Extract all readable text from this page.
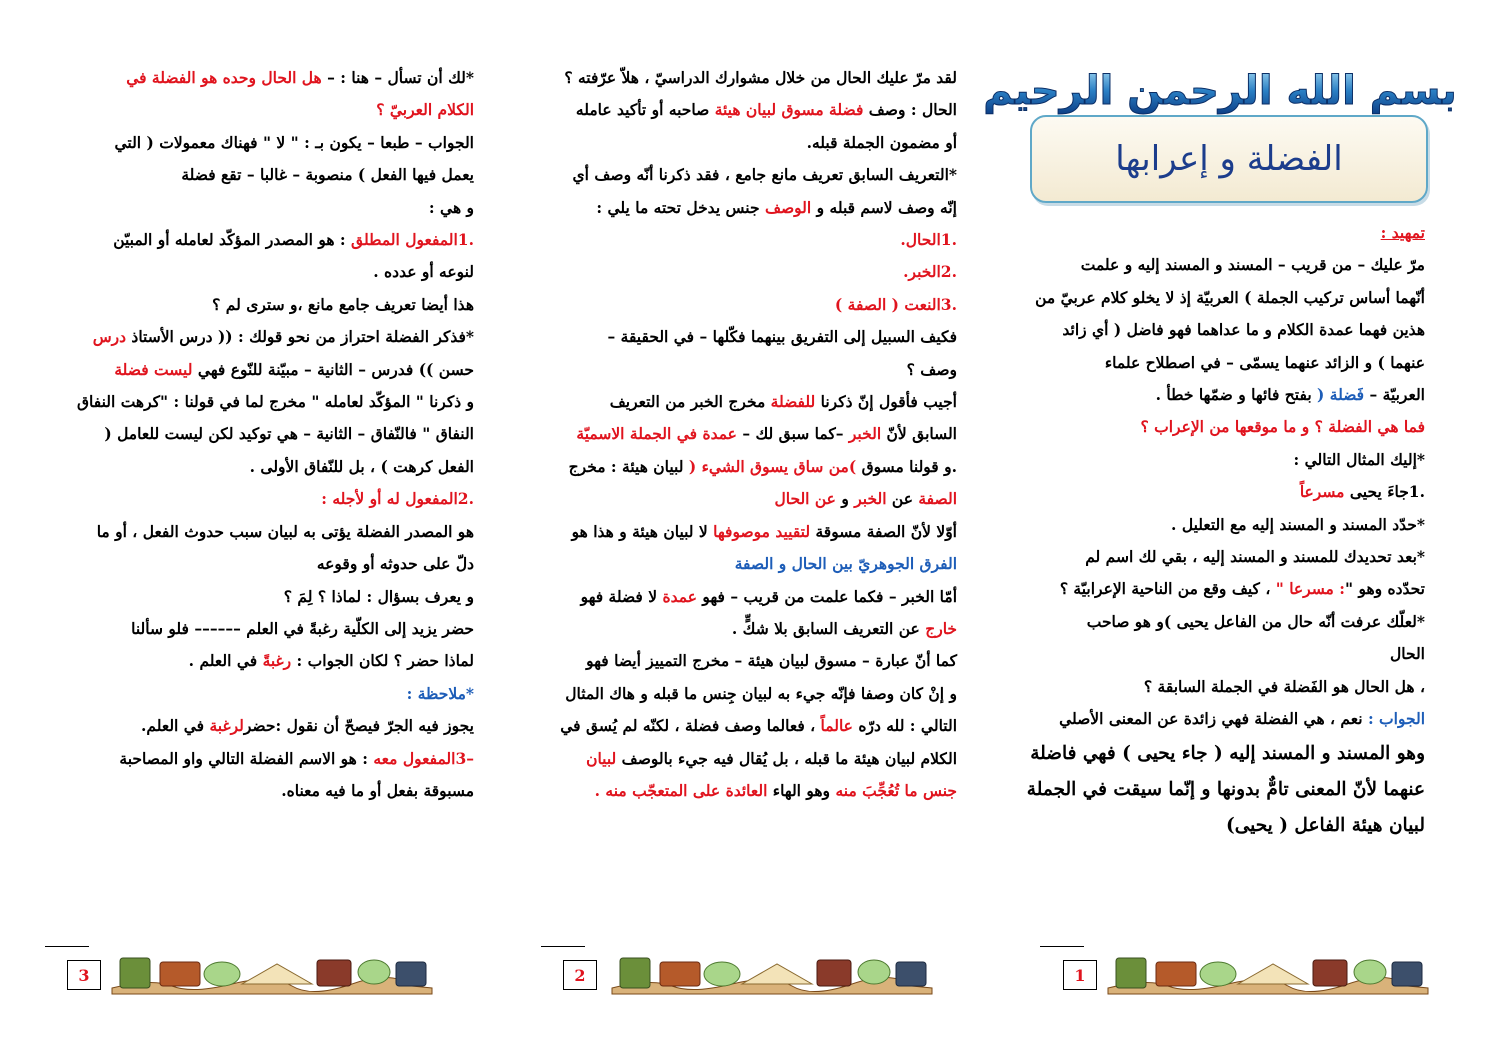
بسم الله الرحمن الرحيم
الفضلة و إعرابها

تمهيد :

مرّ عليك – من قريب – المسند و المسند إليه و علمت

أنّهما أساس تركيب الجملة ) العربيّة إذ لا يخلو كلام عربيّ من

هذين فهما عمدة الكلام و ما عداهما فهو فاضل ( أي زائد

عنهما ) و الزائد عنهما يسمّى – في اصطلاح علماء

العربيّة – فَضلة ( بفتح فائها و ضمّها خطأ .

فما هي الفضلة ؟ و ما موقعها من الإعراب ؟

*إليك المثال التالي :

.1جاءَ يحيى مسرعاً

*حدّد المسند و المسند إليه مع التعليل .

*بعد تحديدك للمسند و المسند إليه ، بقي لك اسم لم

تحدّده وهو ": مسرعا " ، كيف وقع من الناحية الإعرابيّة ؟

*لعلّك عرفت أنّه حال من الفاعل يحيى )و هو صاحب

الحال

، هل الحال هو الفَضلة في الجملة السابقة ؟

الجواب : نعم ، هي الفضلة فهي زائدة عن المعنى الأصلي

وهو المسند و المسند إليه ( جاء يحيى ) فهي فاضلة

عنهما لأنّ المعنى تامٌّ بدونها و إنّما سيقت في الجملة

لبيان هيئة الفاعل ( يحيى)

لقد مرّ عليك الحال من خلال مشوارك الدراسيّ ، هلاّ عرّفته ؟

الحال : وصف فضلة مسوق لبيان هيئة صاحبه أو تأكيد عامله

أو مضمون الجملة قبله.

*التعريف السابق تعريف مانع جامع ، فقد ذكرنا أنّه وصف أي

إنّه وصف لاسم قبله و الوصف جنس يدخل تحته ما يلي :

.1الحال.

.2الخبر.

.3النعت ( الصفة )

فكيف السبيل إلى التفريق بينهما فكّلها – في الحقيقة –

وصف ؟

أجيب فأقول إنّ ذكرنا للفضلة مخرج الخبر من التعريف

السابق لأنّ الخبر –كما سبق لك – عمدة في الجملة الاسميّة

.و قولنا مسوق )من ساق يسوق الشيء ( لبيان هيئة : مخرج

الصفة عن الخبر و عن الحال

أوّلا لأنّ الصفة مسوقة لتقييد موصوفها لا لبيان هيئة و هذا هو

الفرق الجوهريّ بين الحال و الصفة

أمّا الخبر – فكما علمت من قريب – فهو عمدة لا فضلة فهو

خارج عن التعريف السابق بلا شكٍّ .

كما أنّ عبارة – مسوق لبيان هيئة – مخرج التمييز أيضا فهو

و إنْ كان وصفا فإنّه جيء به لبيان جِنس ما قبله و هاك المثال

التالي : لله درّه عالماً ، فعالما وصف فضلة ، لكنّه لم يُسق في

الكلام لبيان هيئة ما قبله ، بل يُقال فيه جيء بالوصف لبيان

جنس ما تُعُجِّبَ منه وهو الهاء العائدة على المتعجّب منه .

*لك أن تسأل – هنا : – هل الحال وحده هو الفضلة في

الكلام العربيّ ؟

الجواب – طبعا – يكون بـ : " لا " فهناك معمولات ( التي

يعمل فيها الفعل ) منصوبة – غالبا – تقع فضلة

و هي :

.1المفعول المطلق : هو المصدر المؤكّد لعامله أو المبيّن

لنوعه أو عدده .

هذا أيضا تعريف جامع مانع ،و سترى لم ؟

*فذكر الفضلة احتراز من نحو قولك : (( درس الأستاذ درس

حسن )) فدرس – الثانية – مبيّنة للنّوع فهي ليست فضلة

و ذكرنا " المؤكّد لعامله " مخرج لما في قولنا : "كرهت النفاق

النفاق " فالنّفاق – الثانية – هي توكيد لكن ليست للعامل (

الفعل كرهت ) ، بل للنّفاق الأولى .

.2المفعول له أو لأجله :

هو المصدر الفضلة يؤتى به لبيان سبب حدوث الفعل ، أو ما

دلّ على حدوثه أو وقوعه

و يعرف بسؤال : لماذا ؟ لِمَ ؟

حضر يزيد إلى الكلّية رغبةً في العلم –––––– فلو سألنا

لماذا حضر ؟ لكان الجواب : رغبةً في العلم .

*ملاحظة :

يجوز فيه الجرّ فيصحّ أن نقول :حضرلرغبة في العلم.

–3المفعول معه : هو الاسم الفضلة التالي واو المصاحبة

مسبوقة بفعل أو ما فيه معناه.

3	2	1
